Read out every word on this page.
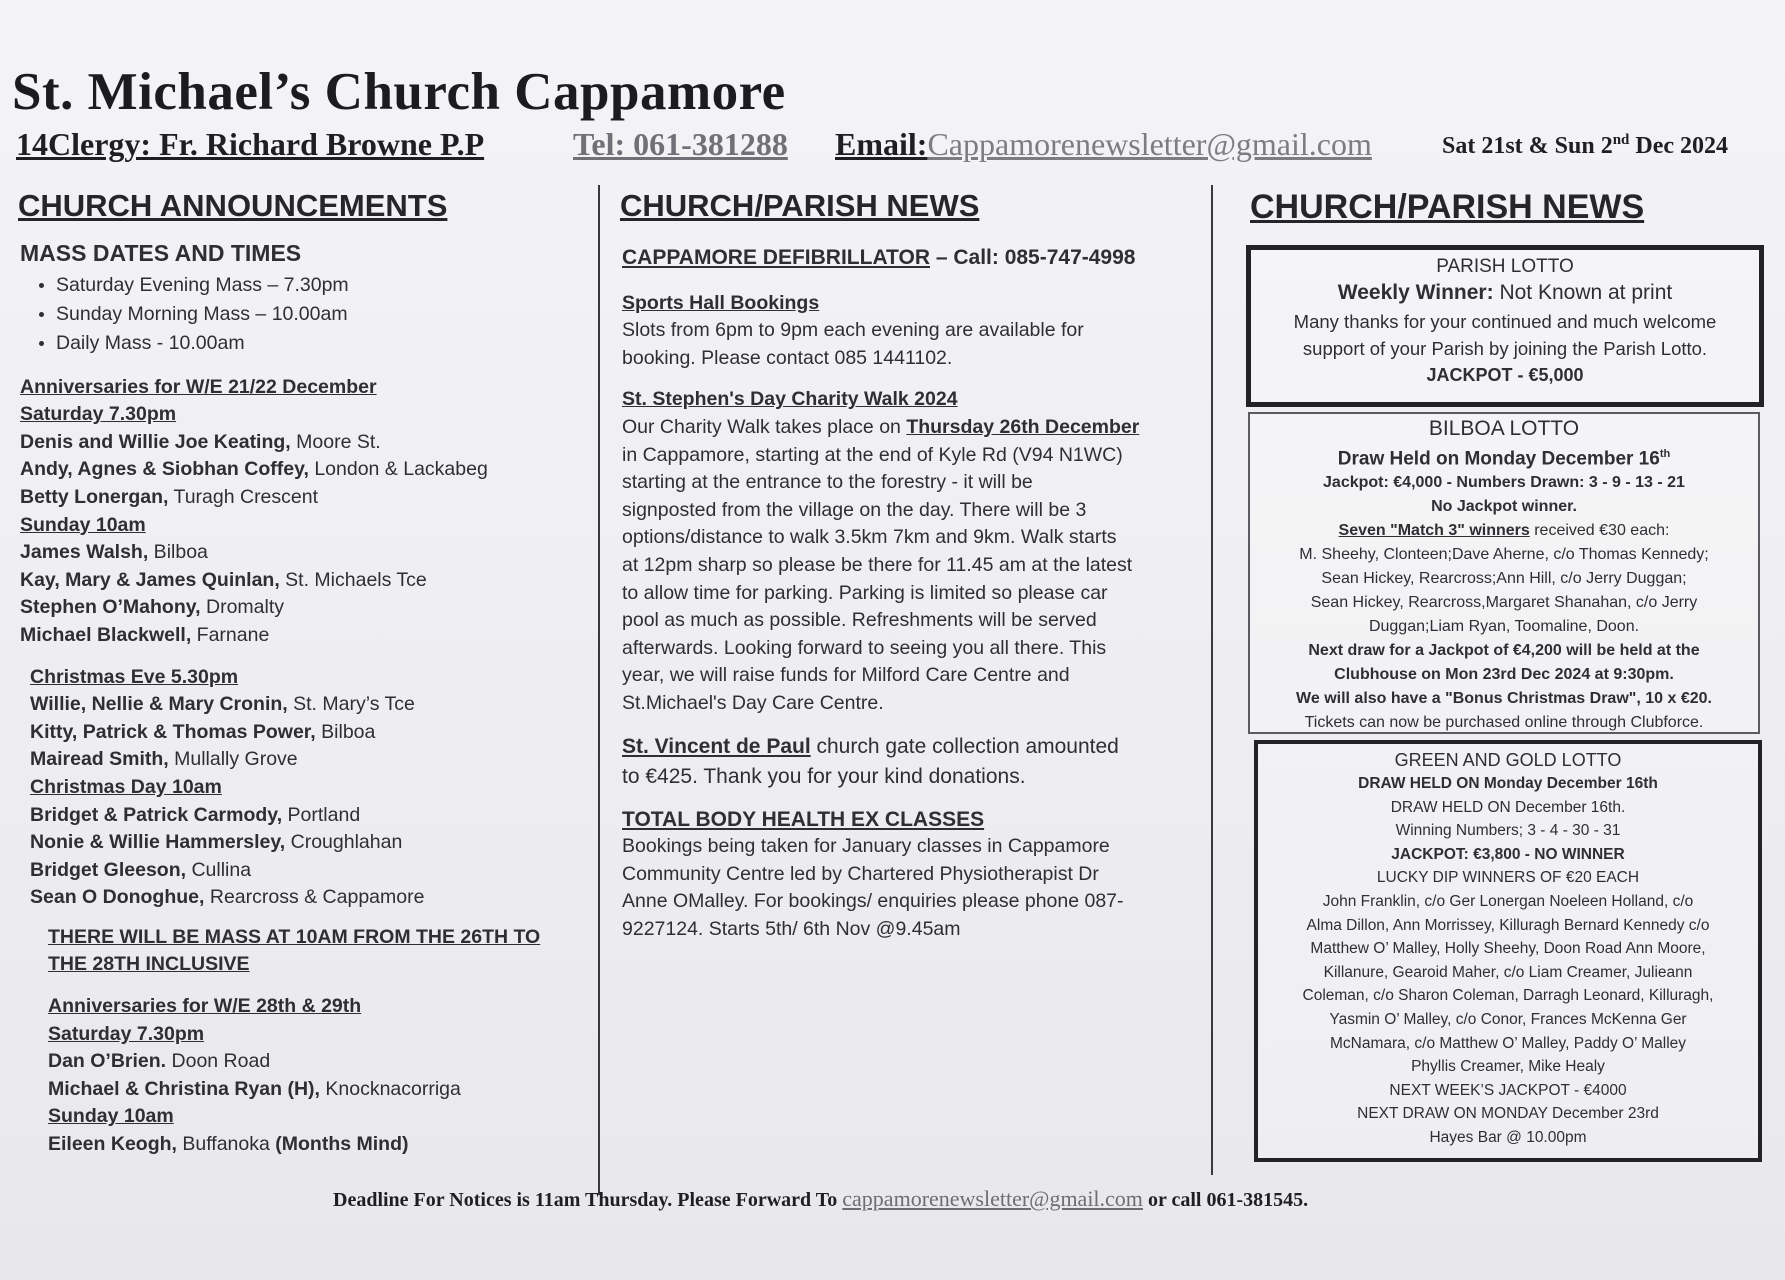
St. Michael’s Church Cappamore
14Clergy: Fr. Richard Browne P.P	Tel: 061-381288 Email:Cappamorenewsletter@gmail.com	Sat 21st & Sun 2nd Dec 2024
CHURCH ANNOUNCEMENTS

MASS DATES AND TIMES

• Saturday Evening Mass – 7.30pm
• Sunday Morning Mass – 10.00am
• Daily Mass - 10.00am

Anniversaries for W/E 21/22 December

Saturday 7.30pm

Denis and Willie Joe Keating, Moore St.

Andy, Agnes & Siobhan Coffey, London & Lackabeg

Betty Lonergan, Turagh Crescent

Sunday 10am

James Walsh, Bilboa

Kay, Mary & James Quinlan, St. Michaels Tce

Stephen O’Mahony, Dromalty

Michael Blackwell, Farnane

Christmas Eve 5.30pm

Willie, Nellie & Mary Cronin, St. Mary’s Tce

Kitty, Patrick & Thomas Power, Bilboa

Mairead Smith, Mullally Grove

Christmas Day 10am

Bridget & Patrick Carmody, Portland

Nonie & Willie Hammersley, Croughlahan

Bridget Gleeson, Cullina

Sean O Donoghue, Rearcross & Cappamore

THERE WILL BE MASS AT 10AM FROM THE 26TH TO

THE 28TH INCLUSIVE

Anniversaries for W/E 28th & 29th

Saturday 7.30pm

Dan O’Brien. Doon Road

Michael & Christina Ryan (H), Knocknacorriga

Sunday 10am

Eileen Keogh, Buffanoka (Months Mind)

CHURCH/PARISH NEWS

CAPPAMORE DEFIBRILLATOR – Call: 085-747-4998

Sports Hall Bookings

Slots from 6pm to 9pm each evening are available for

booking. Please contact 085 1441102.

St. Stephen's Day Charity Walk 2024

Our Charity Walk takes place on Thursday 26th December

in Cappamore, starting at the end of Kyle Rd (V94 N1WC)

starting at the entrance to the forestry - it will be

signposted from the village on the day. There will be 3

options/distance to walk 3.5km 7km and 9km. Walk starts

at 12pm sharp so please be there for 11.45 am at the latest

to allow time for parking. Parking is limited so please car

pool as much as possible. Refreshments will be served

afterwards. Looking forward to seeing you all there. This

year, we will raise funds for Milford Care Centre and

St.Michael's Day Care Centre.

St. Vincent de Paul church gate collection amounted

to €425. Thank you for your kind donations.

TOTAL BODY HEALTH EX CLASSES

Bookings being taken for January classes in Cappamore

Community Centre led by Chartered Physiotherapist Dr

Anne OMalley. For bookings/ enquiries please phone 087-

9227124. Starts 5th/ 6th Nov @9.45am

CHURCH/PARISH NEWS

PARISH LOTTO

Weekly Winner: Not Known at print

Many thanks for your continued and much welcome

support of your Parish by joining the Parish Lotto.

JACKPOT - €5,000

BILBOA LOTTO

Draw Held on Monday December 16th

Jackpot: €4,000 - Numbers Drawn: 3 - 9 - 13 - 21

No Jackpot winner.

Seven "Match 3" winners received €30 each:

M. Sheehy, Clonteen;Dave Aherne, c/o Thomas Kennedy;

Sean Hickey, Rearcross;Ann Hill, c/o Jerry Duggan;

Sean Hickey, Rearcross,Margaret Shanahan, c/o Jerry

Duggan;Liam Ryan, Toomaline, Doon.

Next draw for a Jackpot of €4,200 will be held at the

Clubhouse on Mon 23rd Dec 2024 at 9:30pm.

We will also have a "Bonus Christmas Draw", 10 x €20.

Tickets can now be purchased online through Clubforce.

GREEN AND GOLD LOTTO

DRAW HELD ON Monday December 16th

DRAW HELD ON December 16th.

Winning Numbers; 3 - 4 - 30 - 31

JACKPOT: €3,800 - NO WINNER

LUCKY DIP WINNERS OF €20 EACH

John Franklin, c/o Ger Lonergan Noeleen Holland, c/o

Alma Dillon, Ann Morrissey, Killuragh Bernard Kennedy c/o

Matthew O’ Malley, Holly Sheehy, Doon Road Ann Moore,

Killanure, Gearoid Maher, c/o Liam Creamer, Julieann

Coleman, c/o Sharon Coleman, Darragh Leonard, Killuragh,

Yasmin O’ Malley, c/o Conor, Frances McKenna Ger

McNamara, c/o Matthew O’ Malley, Paddy O’ Malley

Phyllis Creamer, Mike Healy

NEXT WEEK’S JACKPOT - €4000

NEXT DRAW ON MONDAY December 23rd

Hayes Bar @ 10.00pm

Deadline For Notices is 11am Thursday. Please Forward To cappamorenewsletter@gmail.com or call 061-381545.
